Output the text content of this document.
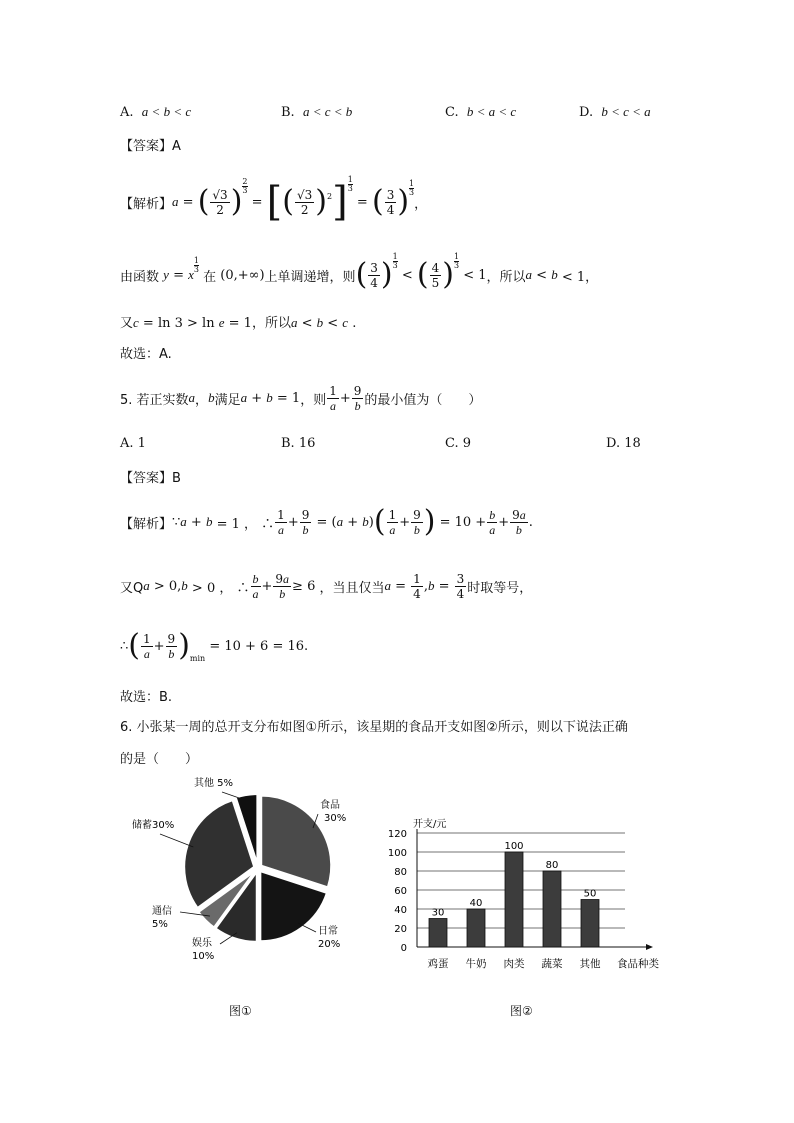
A. a < b < c	B. a < c < b	C. b < a < c	D. b < c < a
【答案】A
【解析】 a = ( $\frac{√3}{2}$ )
2
3
= [ ( $\frac{√3}{2}$ ) 2 ] 1
3
= ( $\frac{3}{4}$ )
1
3
，
由函数
y = x
1
3

在 (0,+∞) 上单调递增，则 ( $\frac{3}{4}$ )
1
3
< ( $\frac{4}{5}$ )
1
3
< 1 ，所以 a < b < 1，
又c = ln 3 > ln e = 1，所以a < b < c .
故选：A.
5. 若正实数 a ， b 满足 a + b = 1 ，则 $\frac{1}{a} + \frac{9}{b}$ 的最小值为（　　）
A. 1	B. 16	C. 9	D. 18
【答案】B
【解析】 ∵ a + b = 1 ， ∴ $\frac{1}{a} + \frac{9}{b}$ = ( a + b ) ( $\frac{1}{a} + \frac{9}{b}$ ) = $10 + \frac{b}{a} + \frac{9a}{b}$ .
又Q a > 0, b > 0 ， ∴ $\frac{b}{a} + \frac{9a}{b} \ge 6$ ，当且仅当 $a = \frac{1}{4}$ , $b = \frac{3}{4}$ 时取等号，
∴ ( $\frac{1}{a} + \frac{9}{b}$ ) min
= 10 + 6 = 16.
故选：B.
6. 小张某一周的总开支分布如图①所示，该星期的食品开支如图②所示，则以下说法正确
的是（　　）
食品
30%
日常
20%
娱乐
10%
通信
5%
储蓄30%
其他 5%
0
20
40
60
80
100
120
开支/元
30
鸡蛋
40
牛奶
100
肉类
80
蔬菜
50
其他 食品种类
图①	图②
